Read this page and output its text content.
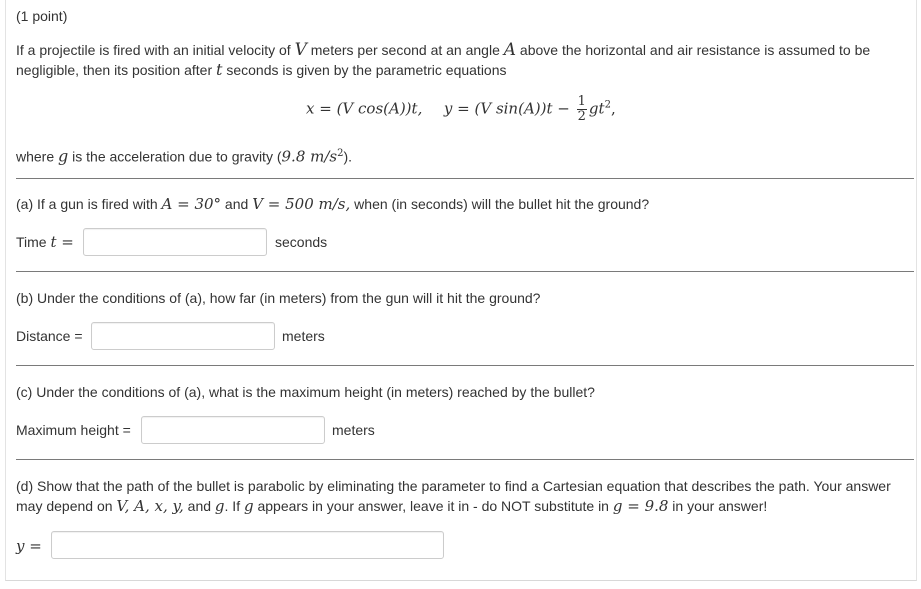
(1 point)
If a projectile is fired with an initial velocity of V meters per second at an angle A above the horizontal and air resistance is assumed to be
negligible, then its position after t seconds is given by the parametric equations
x = (V cos(A))t, y = (V $\sin(A))t - \frac{1}{2} gt^2$,
where g is the acceleration due to gravity (9.8 $m/s^2$).
(a) If a gun is fired with A = 30° and V = 500 m/s, when (in seconds) will the bullet hit the ground?
Time t =	seconds
(b) Under the conditions of (a), how far (in meters) from the gun will it hit the ground?
Distance =	meters
(c) Under the conditions of (a), what is the maximum height (in meters) reached by the bullet?
Maximum height =	meters
(d) Show that the path of the bullet is parabolic by eliminating the parameter to find a Cartesian equation that describes the path. Your answer
may depend on V, A, x, y, and g. If g appears in your answer, leave it in - do NOT substitute in g = 9.8 in your answer!
y =
